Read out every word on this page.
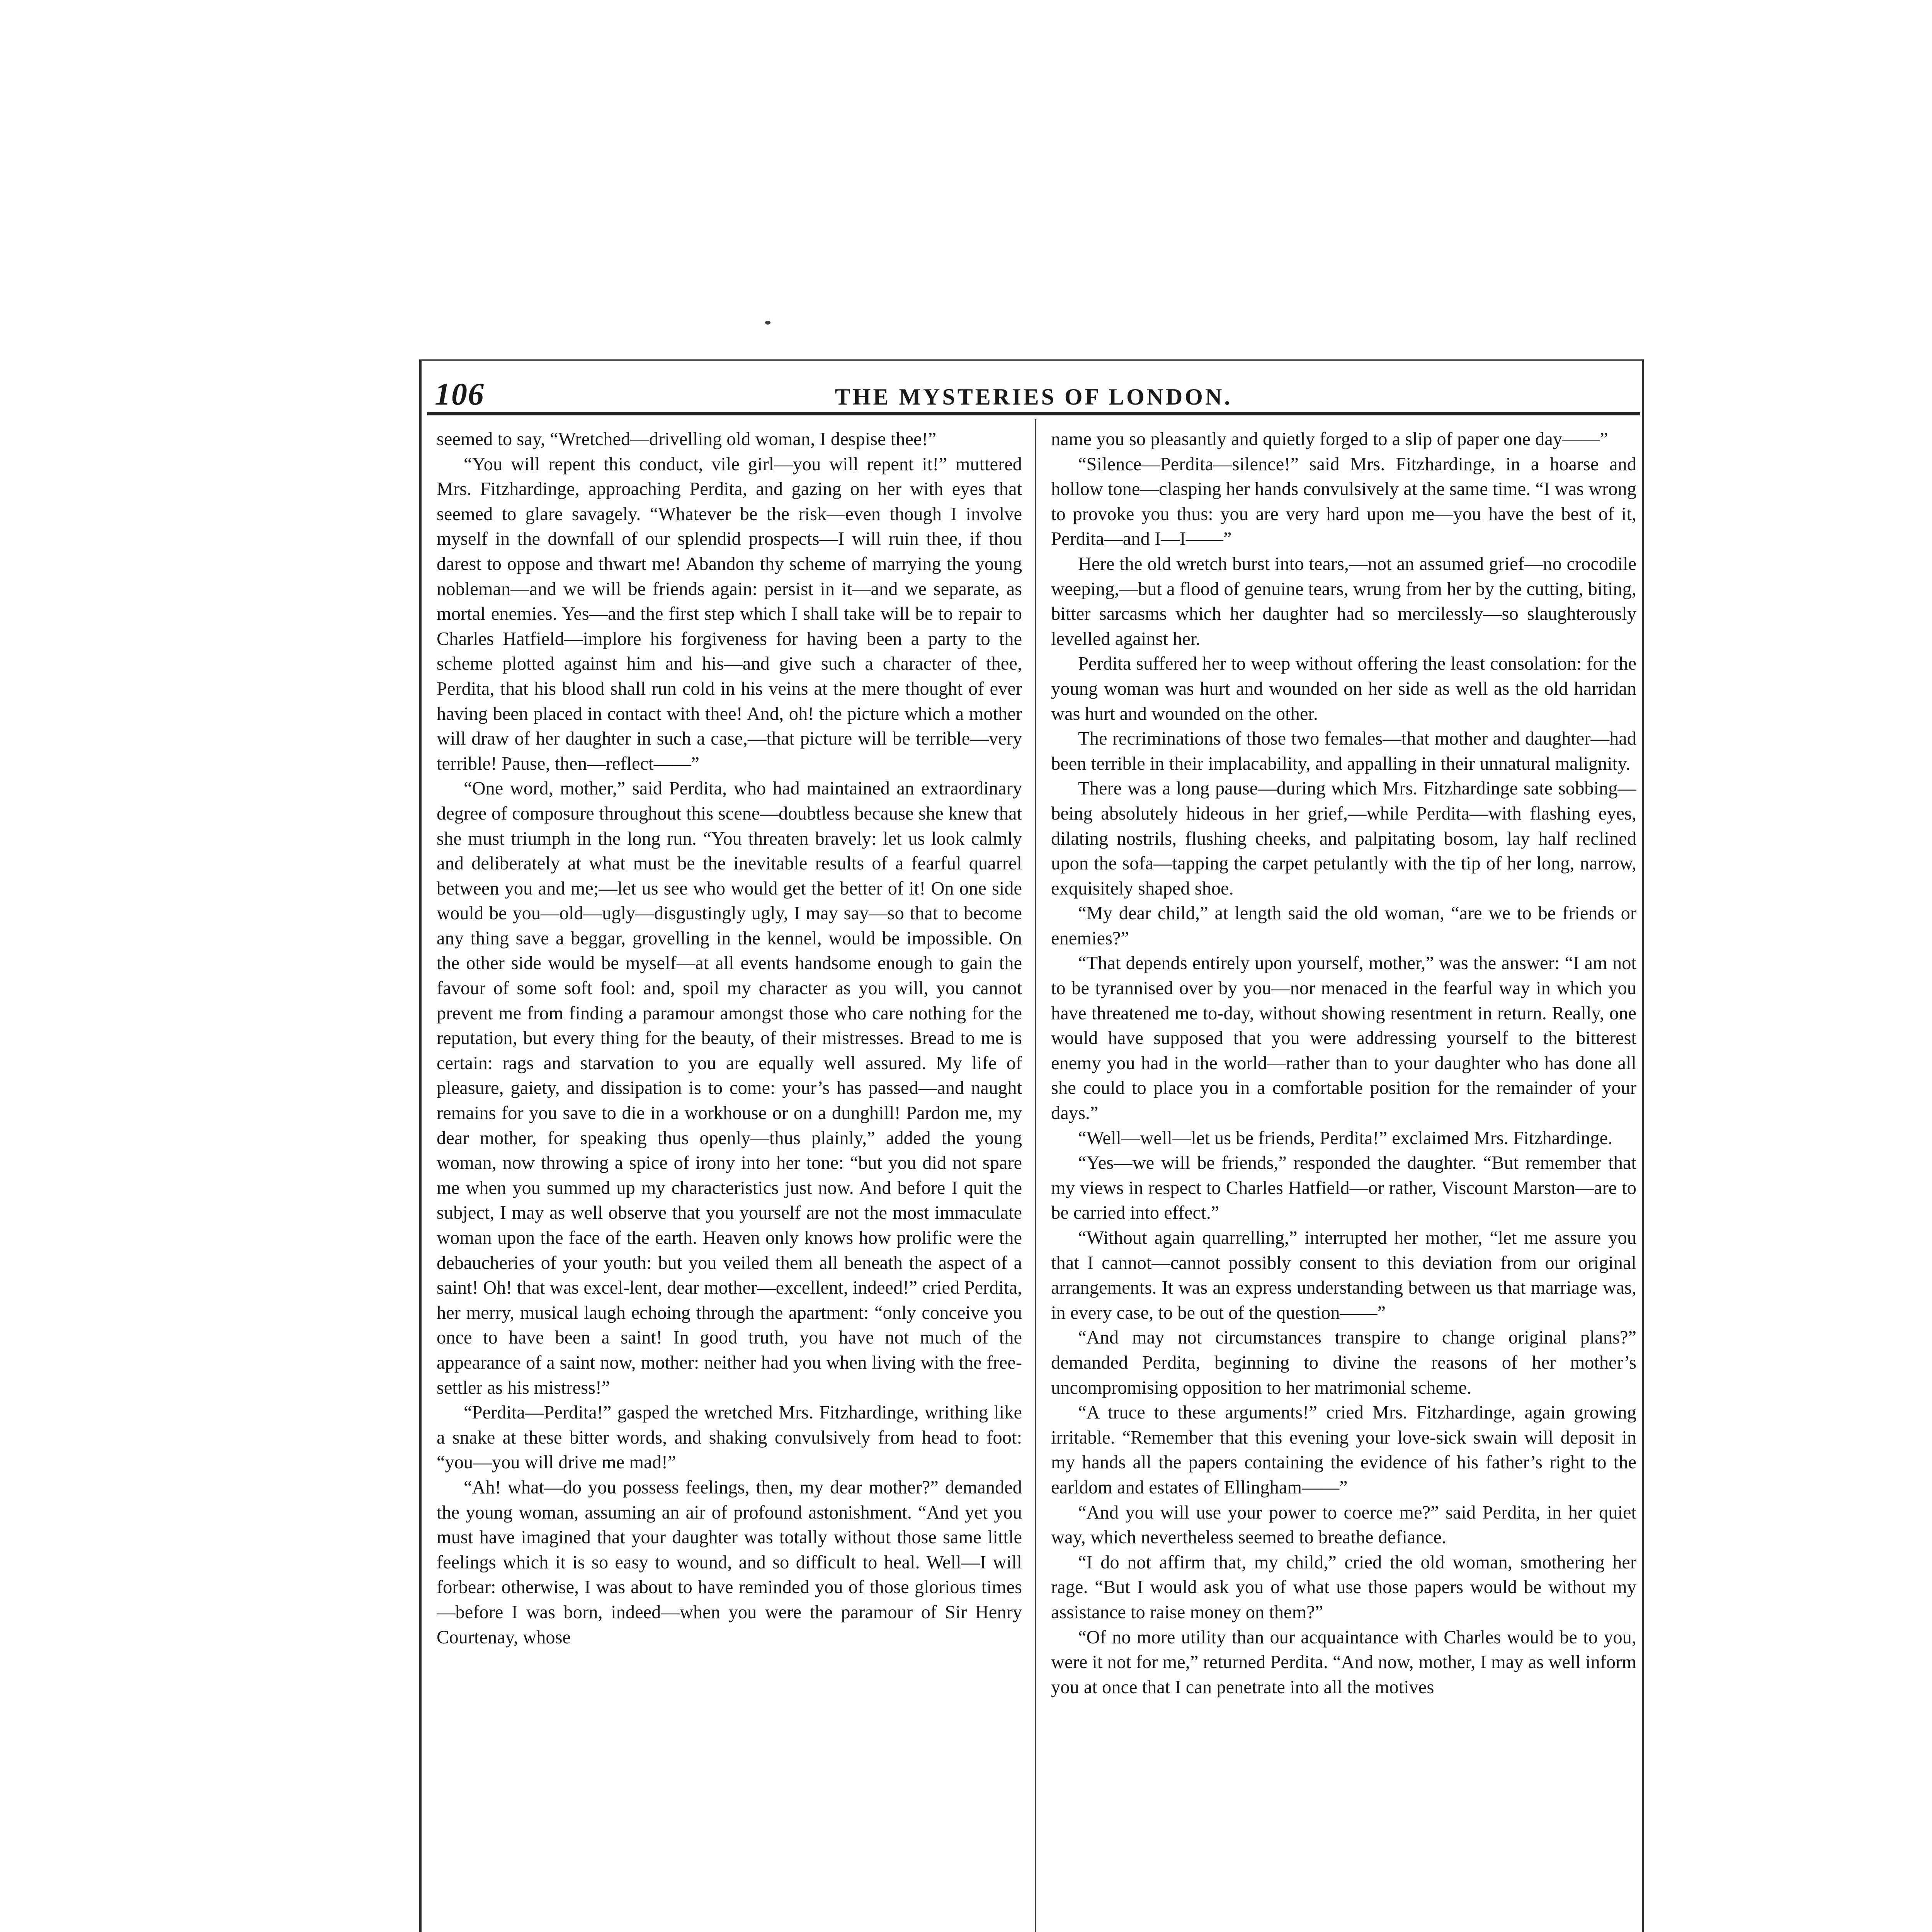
106	THE MYSTERIES OF LONDON.

seemed to say, “Wretched—drivelling old woman, I despise thee!”

“You will repent this conduct, vile girl—you will repent it!” muttered Mrs. Fitzhardinge, approaching Perdita, and gazing on her with eyes that seemed to glare savagely. “Whatever be the risk—even though I involve myself in the downfall of our splendid prospects—I will ruin thee, if thou darest to oppose and thwart me! Abandon thy scheme of marrying the young nobleman—and we will be friends again: persist in it—and we separate, as mortal enemies. Yes—and the first step which I shall take will be to repair to Charles Hatfield—implore his forgiveness for having been a party to the scheme plotted against him and his—and give such a character of thee, Perdita, that his blood shall run cold in his veins at the mere thought of ever having been placed in contact with thee! And, oh! the picture which a mother will draw of her daughter in such a case,—that picture will be terrible—very terrible! Pause, then—reflect——”

“One word, mother,” said Perdita, who had maintained an extraordinary degree of composure throughout this scene—doubtless because she knew that she must triumph in the long run. “You threaten bravely: let us look calmly and deliberately at what must be the inevitable results of a fearful quarrel between you and me;—let us see who would get the better of it! On one side would be you—old—ugly—disgustingly ugly, I may say—so that to become any thing save a beggar, grovelling in the kennel, would be impossible. On the other side would be myself—at all events handsome enough to gain the favour of some soft fool: and, spoil my character as you will, you cannot prevent me from finding a paramour amongst those who care nothing for the reputation, but every thing for the beauty, of their mistresses. Bread to me is certain: rags and starvation to you are equally well assured. My life of pleasure, gaiety, and dissipation is to come: your’s has passed—and naught remains for you save to die in a workhouse or on a dunghill! Pardon me, my dear mother, for speaking thus openly—thus plainly,” added the young woman, now throwing a spice of irony into her tone: “but you did not spare me when you summed up my characteristics just now. And before I quit the subject, I may as well observe that you yourself are not the most immaculate woman upon the face of the earth. Heaven only knows how prolific were the debaucheries of your youth: but you veiled them all beneath the aspect of a saint! Oh! that was excel-lent, dear mother—excellent, indeed!” cried Perdita, her merry, musical laugh echoing through the apartment: “only conceive you once to have been a saint! In good truth, you have not much of the appearance of a saint now, mother: neither had you when living with the free-settler as his mistress!”

“Perdita—Perdita!” gasped the wretched Mrs. Fitzhardinge, writhing like a snake at these bitter words, and shaking convulsively from head to foot: “you—you will drive me mad!”

“Ah! what—do you possess feelings, then, my dear mother?” demanded the young woman, assuming an air of profound astonishment. “And yet you must have imagined that your daughter was totally without those same little feelings which it is so easy to wound, and so difficult to heal. Well—I will forbear: otherwise, I was about to have reminded you of those glorious times—before I was born, indeed—when you were the paramour of Sir Henry Courtenay, whose

name you so pleasantly and quietly forged to a slip of paper one day——”

“Silence—Perdita—silence!” said Mrs. Fitzhardinge, in a hoarse and hollow tone—clasping her hands convulsively at the same time. “I was wrong to provoke you thus: you are very hard upon me—you have the best of it, Perdita—and I—I——”

Here the old wretch burst into tears,—not an assumed grief—no crocodile weeping,—but a flood of genuine tears, wrung from her by the cutting, biting, bitter sarcasms which her daughter had so mercilessly—so slaughterously levelled against her.

Perdita suffered her to weep without offering the least consolation: for the young woman was hurt and wounded on her side as well as the old harridan was hurt and wounded on the other.

The recriminations of those two females—that mother and daughter—had been terrible in their implacability, and appalling in their unnatural malignity.

There was a long pause—during which Mrs. Fitzhardinge sate sobbing—being absolutely hideous in her grief,—while Perdita—with flashing eyes, dilating nostrils, flushing cheeks, and palpitating bosom, lay half reclined upon the sofa—tapping the carpet petulantly with the tip of her long, narrow, exquisitely shaped shoe.

“My dear child,” at length said the old woman, “are we to be friends or enemies?”

“That depends entirely upon yourself, mother,” was the answer: “I am not to be tyrannised over by you—nor menaced in the fearful way in which you have threatened me to-day, without showing resentment in return. Really, one would have supposed that you were addressing yourself to the bitterest enemy you had in the world—rather than to your daughter who has done all she could to place you in a comfortable position for the remainder of your days.”

“Well—well—let us be friends, Perdita!” exclaimed Mrs. Fitzhardinge.

“Yes—we will be friends,” responded the daughter. “But remember that my views in respect to Charles Hatfield—or rather, Viscount Marston—are to be carried into effect.”

“Without again quarrelling,” interrupted her mother, “let me assure you that I cannot—cannot possibly consent to this deviation from our original arrangements. It was an express understanding between us that marriage was, in every case, to be out of the question——”

“And may not circumstances transpire to change original plans?” demanded Perdita, beginning to divine the reasons of her mother’s uncompromising opposition to her matrimonial scheme.

“A truce to these arguments!” cried Mrs. Fitzhardinge, again growing irritable. “Remember that this evening your love-sick swain will deposit in my hands all the papers containing the evidence of his father’s right to the earldom and estates of Ellingham——”

“And you will use your power to coerce me?” said Perdita, in her quiet way, which nevertheless seemed to breathe defiance.

“I do not affirm that, my child,” cried the old woman, smothering her rage. “But I would ask you of what use those papers would be without my assistance to raise money on them?”

“Of no more utility than our acquaintance with Charles would be to you, were it not for me,” returned Perdita. “And now, mother, I may as well inform you at once that I can penetrate into all the motives
